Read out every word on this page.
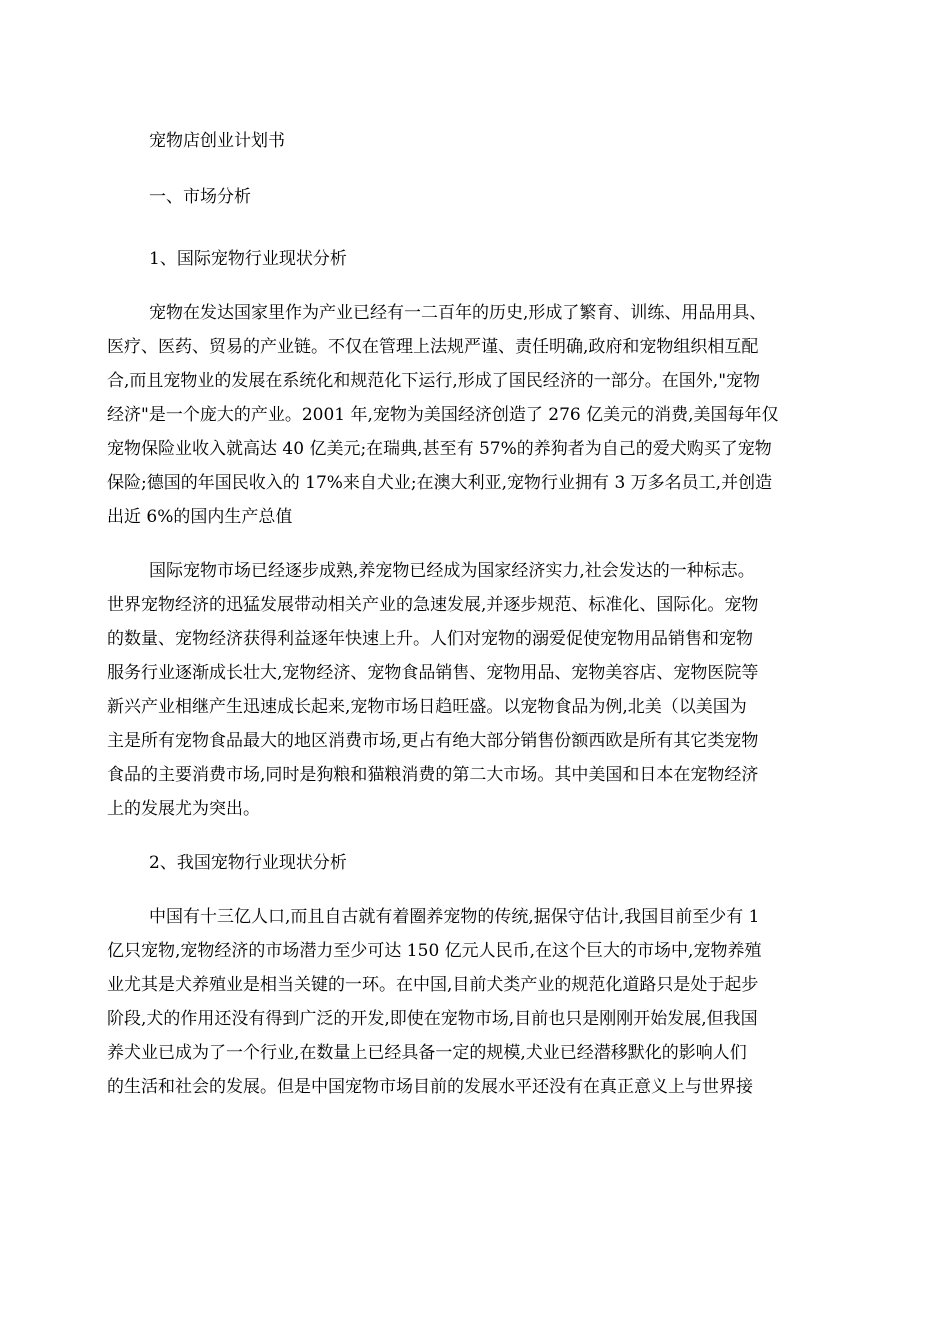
宠物店创业计划书
一、市场分析
1、国际宠物行业现状分析
宠物在发达国家里作为产业已经有一二百年的历史,形成了繁育、训练、用品用具、
医疗、医药、贸易的产业链。不仅在管理上法规严谨、责任明确,政府和宠物组织相互配
合,而且宠物业的发展在系统化和规范化下运行,形成了国民经济的一部分。在国外,"宠物
经济"是一个庞大的产业。2001 年,宠物为美国经济创造了 276 亿美元的消费,美国每年仅
宠物保险业收入就高达 40 亿美元;在瑞典,甚至有 57%的养狗者为自己的爱犬购买了宠物
保险;德国的年国民收入的 17%来自犬业;在澳大利亚,宠物行业拥有 3 万多名员工,并创造
出近 6%的国内生产总值
国际宠物市场已经逐步成熟,养宠物已经成为国家经济实力,社会发达的一种标志。
世界宠物经济的迅猛发展带动相关产业的急速发展,并逐步规范、标准化、国际化。宠物
的数量、宠物经济获得利益逐年快速上升。人们对宠物的溺爱促使宠物用品销售和宠物
服务行业逐渐成长壮大,宠物经济、宠物食品销售、宠物用品、宠物美容店、宠物医院等
新兴产业相继产生迅速成长起来,宠物市场日趋旺盛。以宠物食品为例,北美（以美国为
主是所有宠物食品最大的地区消费市场,更占有绝大部分销售份额西欧是所有其它类宠物
食品的主要消费市场,同时是狗粮和猫粮消费的第二大市场。其中美国和日本在宠物经济
上的发展尤为突出。
2、我国宠物行业现状分析
中国有十三亿人口,而且自古就有着圈养宠物的传统,据保守估计,我国目前至少有 1
亿只宠物,宠物经济的市场潜力至少可达 150 亿元人民币,在这个巨大的市场中,宠物养殖
业尤其是犬养殖业是相当关键的一环。在中国,目前犬类产业的规范化道路只是处于起步
阶段,犬的作用还没有得到广泛的开发,即使在宠物市场,目前也只是刚刚开始发展,但我国
养犬业已成为了一个行业,在数量上已经具备一定的规模,犬业已经潜移默化的影响人们
的生活和社会的发展。但是中国宠物市场目前的发展水平还没有在真正意义上与世界接
